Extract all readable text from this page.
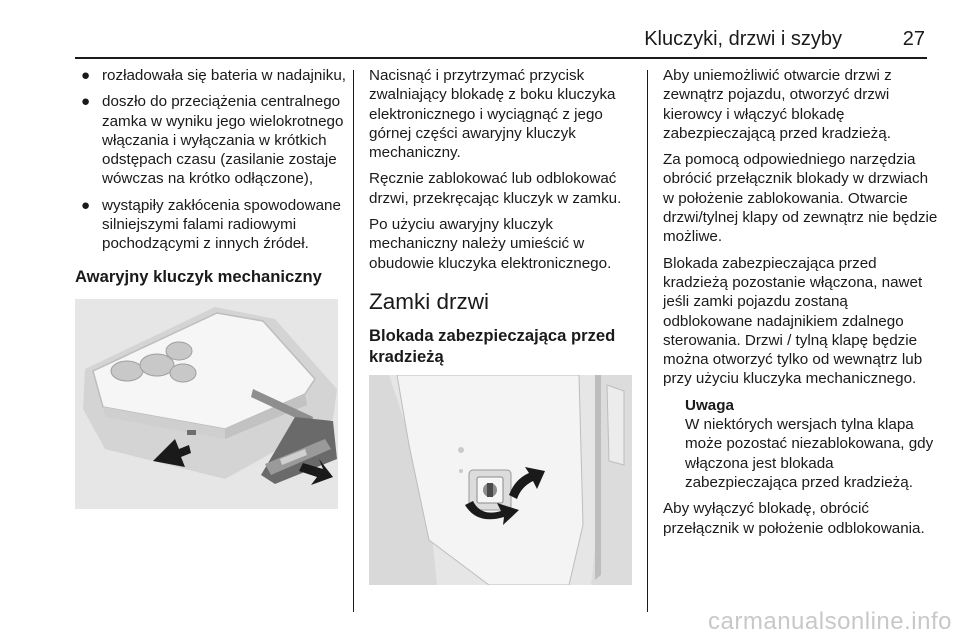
Kluczyki, drzwi i szyby	27
● rozładowała się bateria w nadajniku,
● doszło do przeciążenia centralnego zamka w wyniku jego wielokrotnego włączania i wyłączania w krótkich odstępach czasu (zasilanie zostaje wówczas na krótko odłączone),
● wystąpiły zakłócenia spowodowane silniejszymi falami radiowymi pochodzącymi z innych źródeł.
Awaryjny kluczyk mechaniczny

Nacisnąć i przytrzymać przycisk zwalniający blokadę z boku kluczyka elektronicznego i wyciągnąć z jego górnej części awaryjny kluczyk mechaniczny.

Ręcznie zablokować lub odblokować drzwi, przekręcając kluczyk w zamku.

Po użyciu awaryjny kluczyk mechaniczny należy umieścić w obudowie kluczyka elektronicznego.

Zamki drzwi
Blokada zabezpieczająca przed kradzieżą

Aby uniemożliwić otwarcie drzwi z zewnątrz pojazdu, otworzyć drzwi kierowcy i włączyć blokadę zabezpieczającą przed kradzieżą.

Za pomocą odpowiedniego narzędzia obrócić przełącznik blokady w drzwiach w położenie zablokowania. Otwarcie drzwi/tylnej klapy od zewnątrz nie będzie możliwe.

Blokada zabezpieczająca przed kradzieżą pozostanie włączona, nawet jeśli zamki pojazdu zostaną odblokowane nadajnikiem zdalnego sterowania. Drzwi / tylną klapę będzie można otworzyć tylko od wewnątrz lub przy użyciu kluczyka mechanicznego.

Uwaga
W niektórych wersjach tylna klapa może pozostać niezablokowana, gdy włączona jest blokada zabezpieczająca przed kradzieżą.

Aby wyłączyć blokadę, obrócić przełącznik w położenie odblokowania.

carmanualsonline.info
